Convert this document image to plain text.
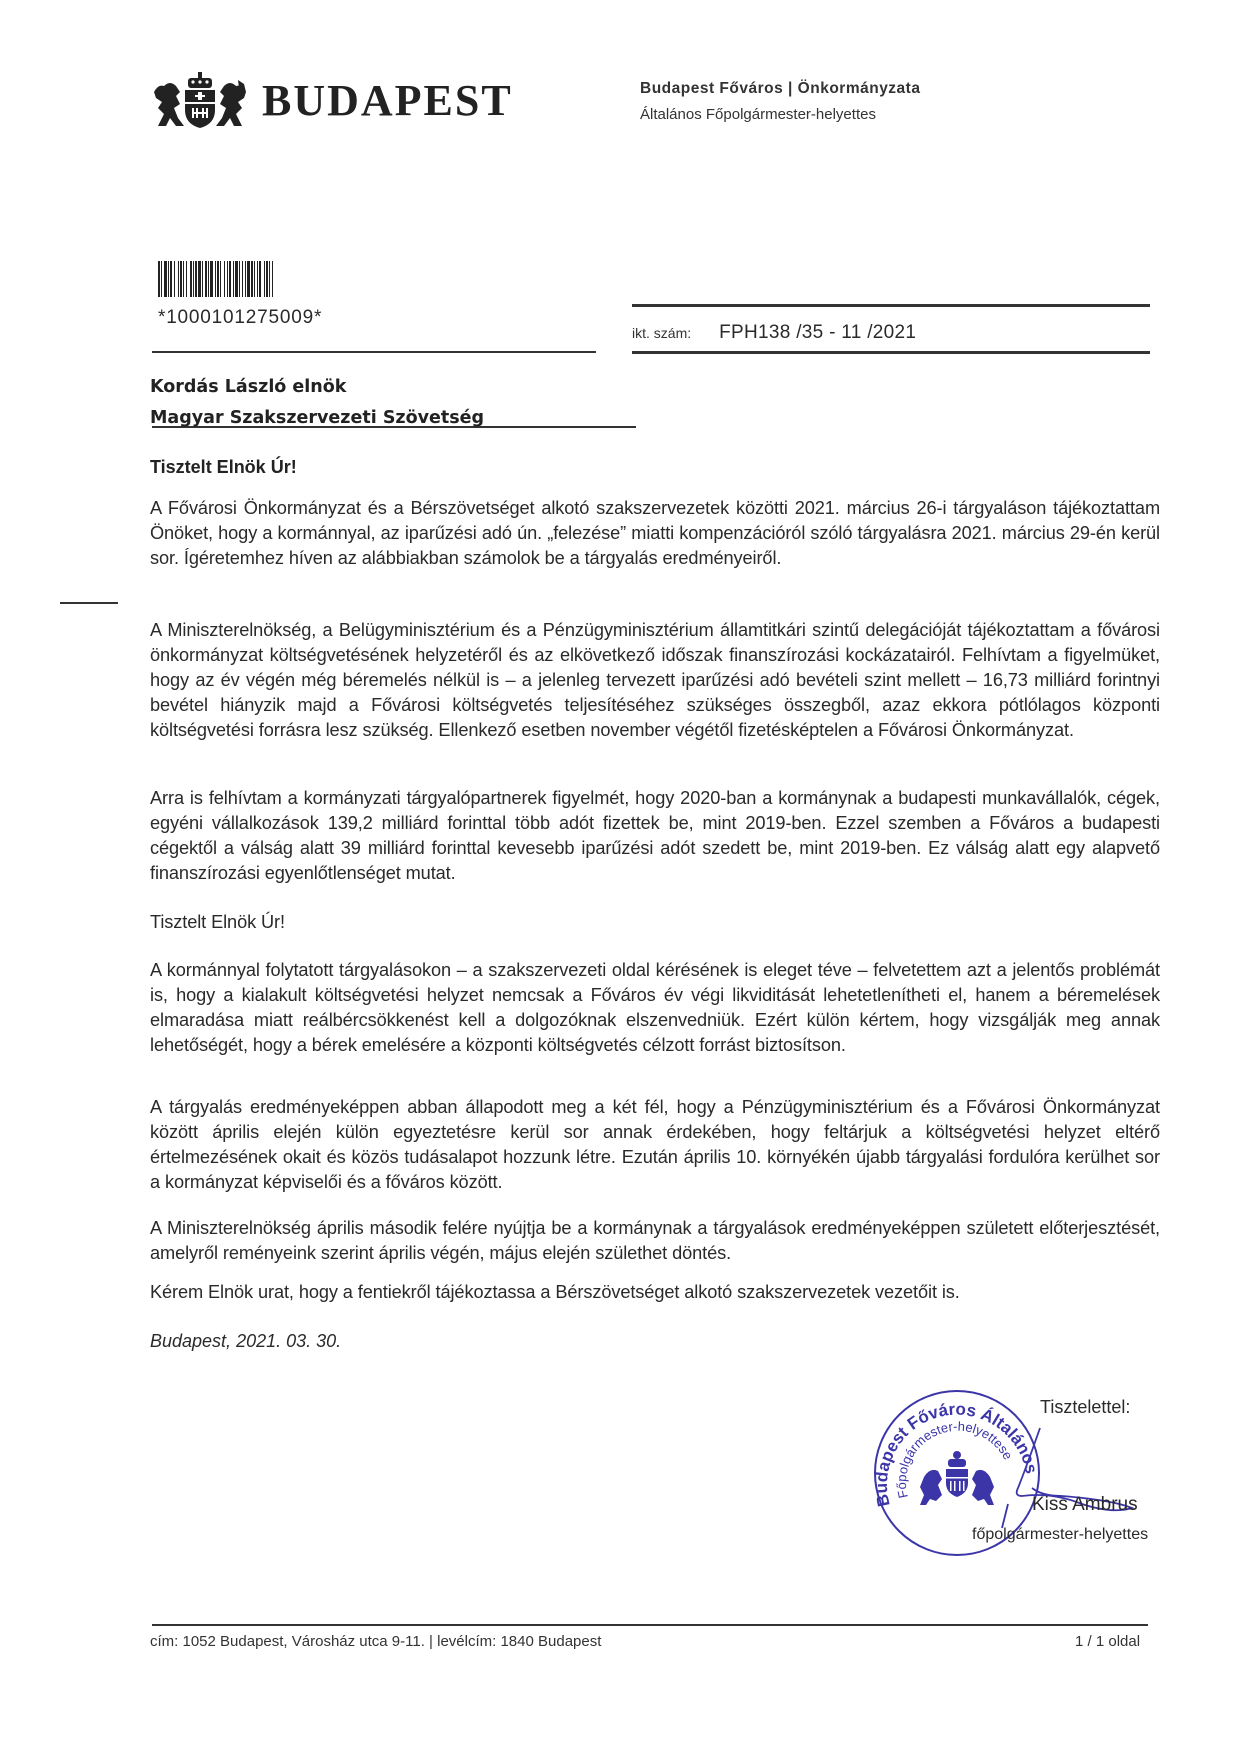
BUDAPEST	Budapest Főváros | Önkormányzata
Általános Főpolgármester-helyettes
*1000101275009*
ikt. szám: FPH138 /35 - 11 /2021
Kordás László elnök
Magyar Szakszervezeti Szövetség
Tisztelt Elnök Úr!

A Fővárosi Önkormányzat és a Bérszövetséget alkotó szakszervezetek közötti 2021. március 26-i tárgyaláson tájékoztattam Önöket, hogy a kormánnyal, az iparűzési adó ún. „felezése” miatti kompenzációról szóló tárgyalásra 2021. március 29-én kerül sor. Ígéretemhez híven az alábbiakban számolok be a tárgyalás eredményeiről.

A Miniszterelnökség, a Belügyminisztérium és a Pénzügyminisztérium államtitkári szintű delegációját tájékoztattam a fővárosi önkormányzat költségvetésének helyzetéről és az elkövetkező időszak finanszírozási kockázatairól. Felhívtam a figyelmüket, hogy az év végén még béremelés nélkül is – a jelenleg tervezett iparűzési adó bevételi szint mellett – 16,73 milliárd forintnyi bevétel hiányzik majd a Fővárosi költségvetés teljesítéséhez szükséges összegből, azaz ekkora pótlólagos központi költségvetési forrásra lesz szükség. Ellenkező esetben november végétől fizetésképtelen a Fővárosi Önkormányzat.

Arra is felhívtam a kormányzati tárgyalópartnerek figyelmét, hogy 2020-ban a kormánynak a budapesti munkavállalók, cégek, egyéni vállalkozások 139,2 milliárd forinttal több adót fizettek be, mint 2019-ben. Ezzel szemben a Főváros a budapesti cégektől a válság alatt 39 milliárd forinttal kevesebb iparűzési adót szedett be, mint 2019-ben. Ez válság alatt egy alapvető finanszírozási egyenlőtlenséget mutat.

Tisztelt Elnök Úr!

A kormánnyal folytatott tárgyalásokon – a szakszervezeti oldal kérésének is eleget téve – felvetettem azt a jelentős problémát is, hogy a kialakult költségvetési helyzet nemcsak a Főváros év végi likviditását lehetetlenítheti el, hanem a béremelések elmaradása miatt reálbércsökkenést kell a dolgozóknak elszenvedniük. Ezért külön kértem, hogy vizsgálják meg annak lehetőségét, hogy a bérek emelésére a központi költségvetés célzott forrást biztosítson.

A tárgyalás eredményeképpen abban állapodott meg a két fél, hogy a Pénzügyminisztérium és a Fővárosi Önkormányzat között április elején külön egyeztetésre kerül sor annak érdekében, hogy feltárjuk a költségvetési helyzet eltérő értelmezésének okait és közös tudásalapot hozzunk létre. Ezután április 10. környékén újabb tárgyalási fordulóra kerülhet sor a kormányzat képviselői és a főváros között.

A Miniszterelnökség április második felére nyújtja be a kormánynak a tárgyalások eredményeképpen született előterjesztését, amelyről reményeink szerint április végén, május elején születhet döntés.

Kérem Elnök urat, hogy a fentiekről tájékoztassa a Bérszövetséget alkotó szakszervezetek vezetőit is.

Budapest, 2021. 03. 30.
Budapest Főváros Általános
Főpolgármester-helyettese
Tisztelettel:
Kiss Ambrus
főpolgármester-helyettes
cím: 1052 Budapest, Városház utca 9-11. | levélcím: 1840 Budapest	1 / 1 oldal
